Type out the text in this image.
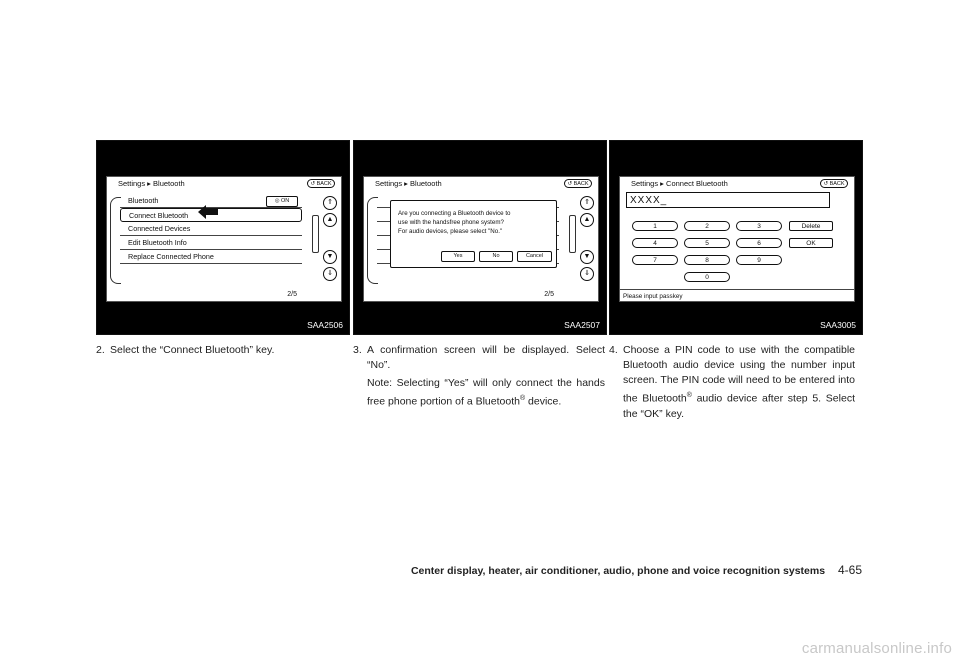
Settings ▸ Bluetooth	↺ BACK
Bluetooth	◎ ON
Connect Bluetooth
Connected Devices
Edit Bluetooth Info
Replace Connected Phone
⇑
▲
▼
⇓
2/5
SAA2506
Settings ▸ Bluetooth	↺ BACK
⇑
▲
▼
⇓
Are you connecting a Bluetooth device to
use with the handsfree phone system?
For audio devices, please select "No."
Yes	No	Cancel
2/5
SAA2507
Settings ▸ Connect Bluetooth	↺ BACK
XXXX_
1	2	3	Delete
4	5	6	OK
7	8	9
0
Please input passkey
SAA3005
2. Select the “Connect Bluetooth” key.	3. A confirmation screen will be displayed. Select “No”.
Note: Selecting “Yes” will only connect the hands free phone portion of a Bluetooth® device.
4. Choose a PIN code to use with the compatible Bluetooth audio device using the number input screen. The PIN code will need to be entered into the Bluetooth® audio device after step 5. Select the “OK” key.
Center display, heater, air conditioner, audio, phone and voice recognition systems 4-65
carmanualsonline.info
